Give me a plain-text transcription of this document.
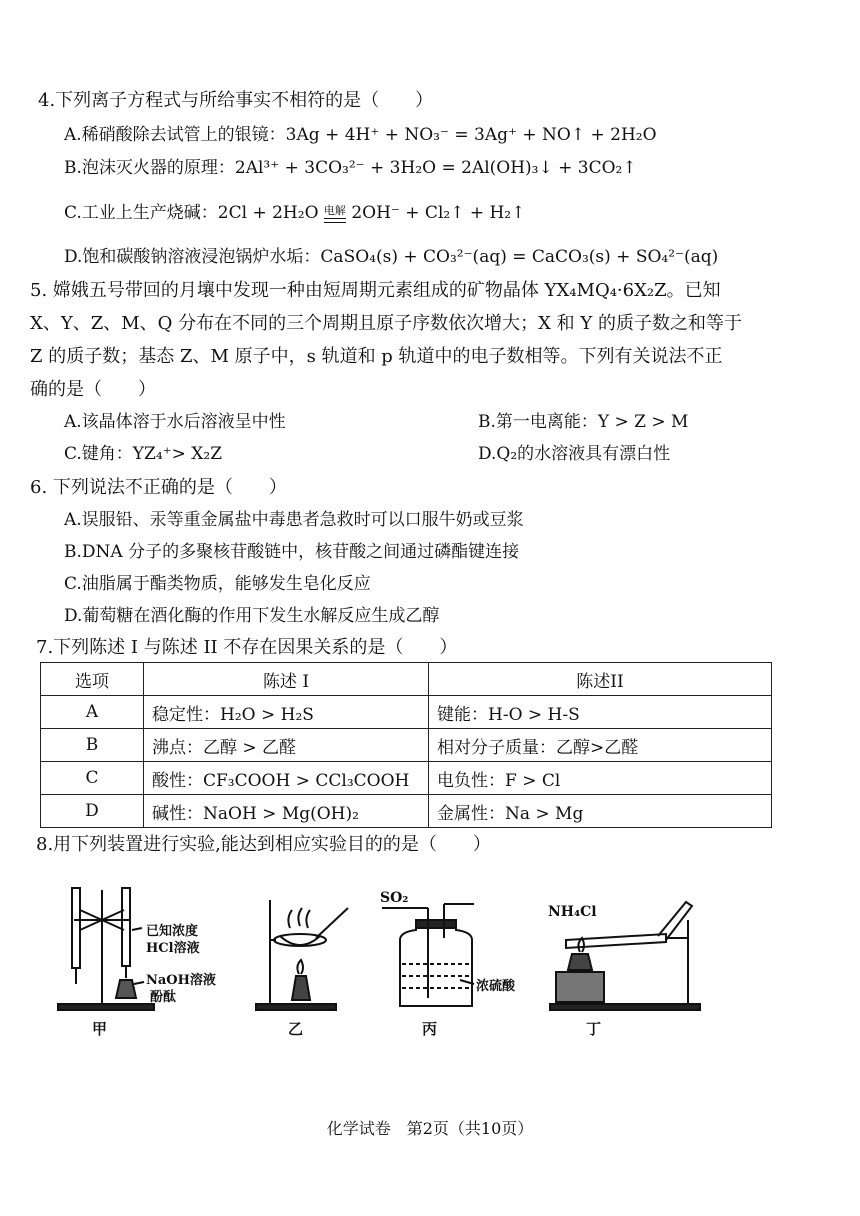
4.下列离子方程式与所给事实不相符的是（　　）
A.稀硝酸除去试管上的银镜：3Ag + 4H⁺ + NO₃⁻ = 3Ag⁺ + NO↑ + 2H₂O
B.泡沫灭火器的原理：2Al³⁺ + 3CO₃²⁻ + 3H₂O = 2Al(OH)₃↓ + 3CO₂↑
C.工业上生产烧碱：2Cl + 2H₂O 电解 2OH⁻ + Cl₂↑ + H₂↑
D.饱和碳酸钠溶液浸泡锅炉水垢：CaSO₄(s) + CO₃²⁻(aq) = CaCO₃(s) + SO₄²⁻(aq)
5. 嫦娥五号带回的月壤中发现一种由短周期元素组成的矿物晶体 YX₄MQ₄·6X₂Z。已知
X、Y、Z、M、Q 分布在不同的三个周期且原子序数依次增大；X 和 Y 的质子数之和等于
Z 的质子数；基态 Z、M 原子中，s 轨道和 p 轨道中的电子数相等。下列有关说法不正
确的是（　　）
A.该晶体溶于水后溶液呈中性	B.第一电离能：Y > Z > M
C.键角：YZ₄⁺> X₂Z	D.Q₂的水溶液具有漂白性
6. 下列说法不正确的是（　　）
A.误服铅、汞等重金属盐中毒患者急救时可以口服牛奶或豆浆
B.DNA 分子的多聚核苷酸链中，核苷酸之间通过磷酯键连接
C.油脂属于酯类物质，能够发生皂化反应
D.葡萄糖在酒化酶的作用下发生水解反应生成乙醇
7.下列陈述 I 与陈述 II 不存在因果关系的是（　　）
选项	陈述 I	陈述II
A	稳定性：H₂O > H₂S	键能：H-O > H-S
B	沸点：乙醇 > 乙醛	相对分子质量：乙醇>乙醛
C	酸性：CF₃COOH > CCl₃COOH	电负性：F > Cl
D	碱性：NaOH > Mg(OH)₂	金属性：Na > Mg
8.用下列装置进行实验,能达到相应实验目的的是（　　）
已知浓度
HCl溶液
NaOH溶液
酚酞
甲	乙
SO₂
浓硫酸
丙
NH₄Cl
丁
化学试卷　第2页（共10页）
